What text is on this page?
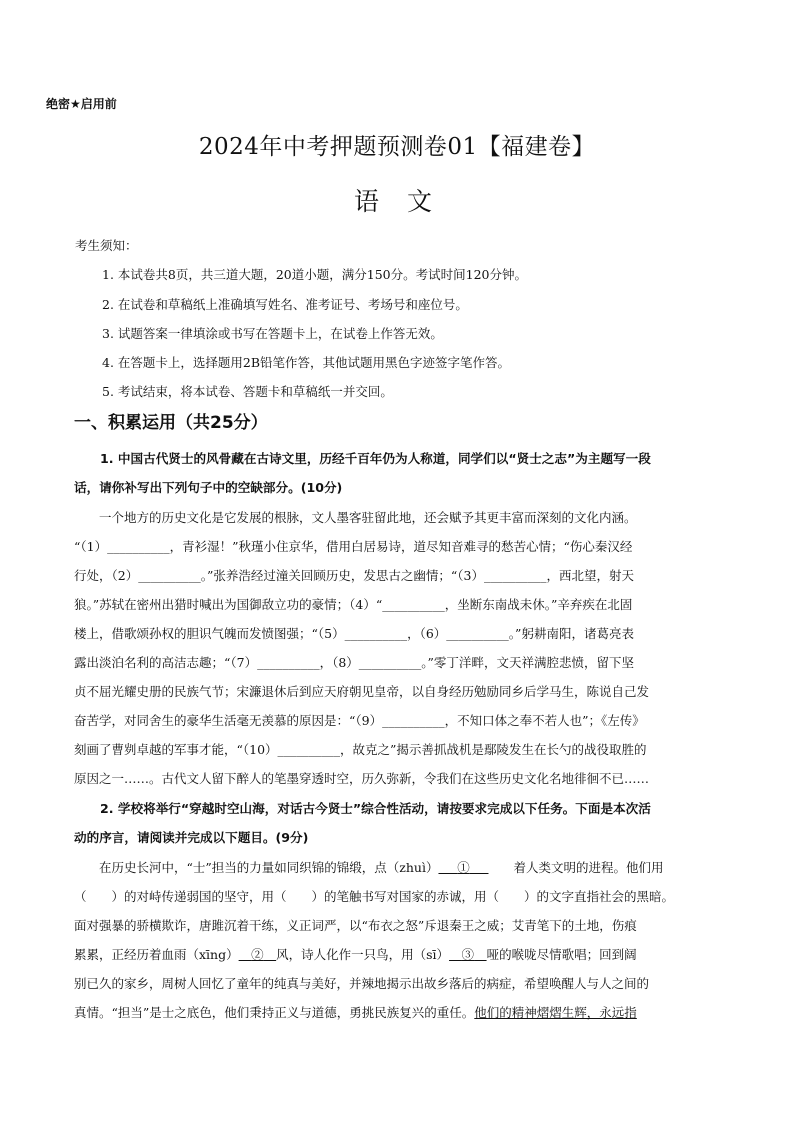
绝密★启用前
2024年中考押题预测卷01【福建卷】
语文
考生须知：
1. 本试卷共8页，共三道大题，20道小题，满分150分。考试时间120分钟。
2. 在试卷和草稿纸上准确填写姓名、准考证号、考场号和座位号。
3. 试题答案一律填涂或书写在答题卡上，在试卷上作答无效。
4. 在答题卡上，选择题用2B铅笔作答，其他试题用黑色字迹签字笔作答。
5. 考试结束，将本试卷、答题卡和草稿纸一并交回。
一、积累运用（共25分）
1. 中国古代贤士的风骨藏在古诗文里，历经千百年仍为人称道，同学们以“贤士之志”为主题写一段
话，请你补写出下列句子中的空缺部分。(10分)
　　一个地方的历史文化是它发展的根脉，文人墨客驻留此地，还会赋予其更丰富而深刻的文化内涵。
“（1）__________，青衫湿！”秋瑾小住京华，借用白居易诗，道尽知音难寻的愁苦心情；“伤心秦汉经
行处，（2）__________。”张养浩经过潼关回顾历史，发思古之幽情；“（3）__________，西北望，射天
狼。”苏轼在密州出猎时喊出为国御敌立功的豪情；（4）“__________，坐断东南战未休。”辛弃疾在北固
楼上，借歌颂孙权的胆识气魄而发愤图强；“（5）__________，（6）__________。”躬耕南阳，诸葛亮表
露出淡泊名利的高洁志趣；“（7）__________，（8）__________。”零丁洋畔，文天祥满腔悲愤，留下坚
贞不屈光耀史册的民族气节；宋濂退休后到应天府朝见皇帝，以自身经历勉励同乡后学马生，陈说自己发
奋苦学，对同舍生的豪华生活毫无羡慕的原因是：“（9）__________，不知口体之奉不若人也”；《左传》
刻画了曹刿卓越的军事才能，“（10）__________，故克之”揭示善抓战机是鄢陵发生在长勺的战役取胜的
原因之一……。古代文人留下醉人的笔墨穿透时空，历久弥新，令我们在这些历史文化名地徘徊不已……
2. 学校将举行“穿越时空山海，对话古今贤士”综合性活动，请按要求完成以下任务。下面是本次活
动的序言，请阅读并完成以下题目。(9分)
　　在历史长河中，“士”担当的力量如同织锦的锦缎，点（zhuì）   ①  　　着人类文明的进程。他们用
（　　）的对峙传递弱国的坚守，用（　　）的笔触书写对国家的赤诚，用（　　）的文字直指社会的黑暗。
面对强暴的骄横欺诈，唐雎沉着干练，义正词严，以“布衣之怒”斥退秦王之威；艾青笔下的土地，伤痕
累累，正经历着血雨（xīng）  ②  风，诗人化作一只鸟，用（sī）  ③  哑的喉咙尽情歌唱；回到阔
别已久的家乡，周树人回忆了童年的纯真与美好，并辣地揭示出故乡落后的病症，希望唤醒人与人之间的
真情。“担当”是士之底色，他们秉持正义与道德，勇挑民族复兴的重任。他们的精神熠熠生辉，永远指
